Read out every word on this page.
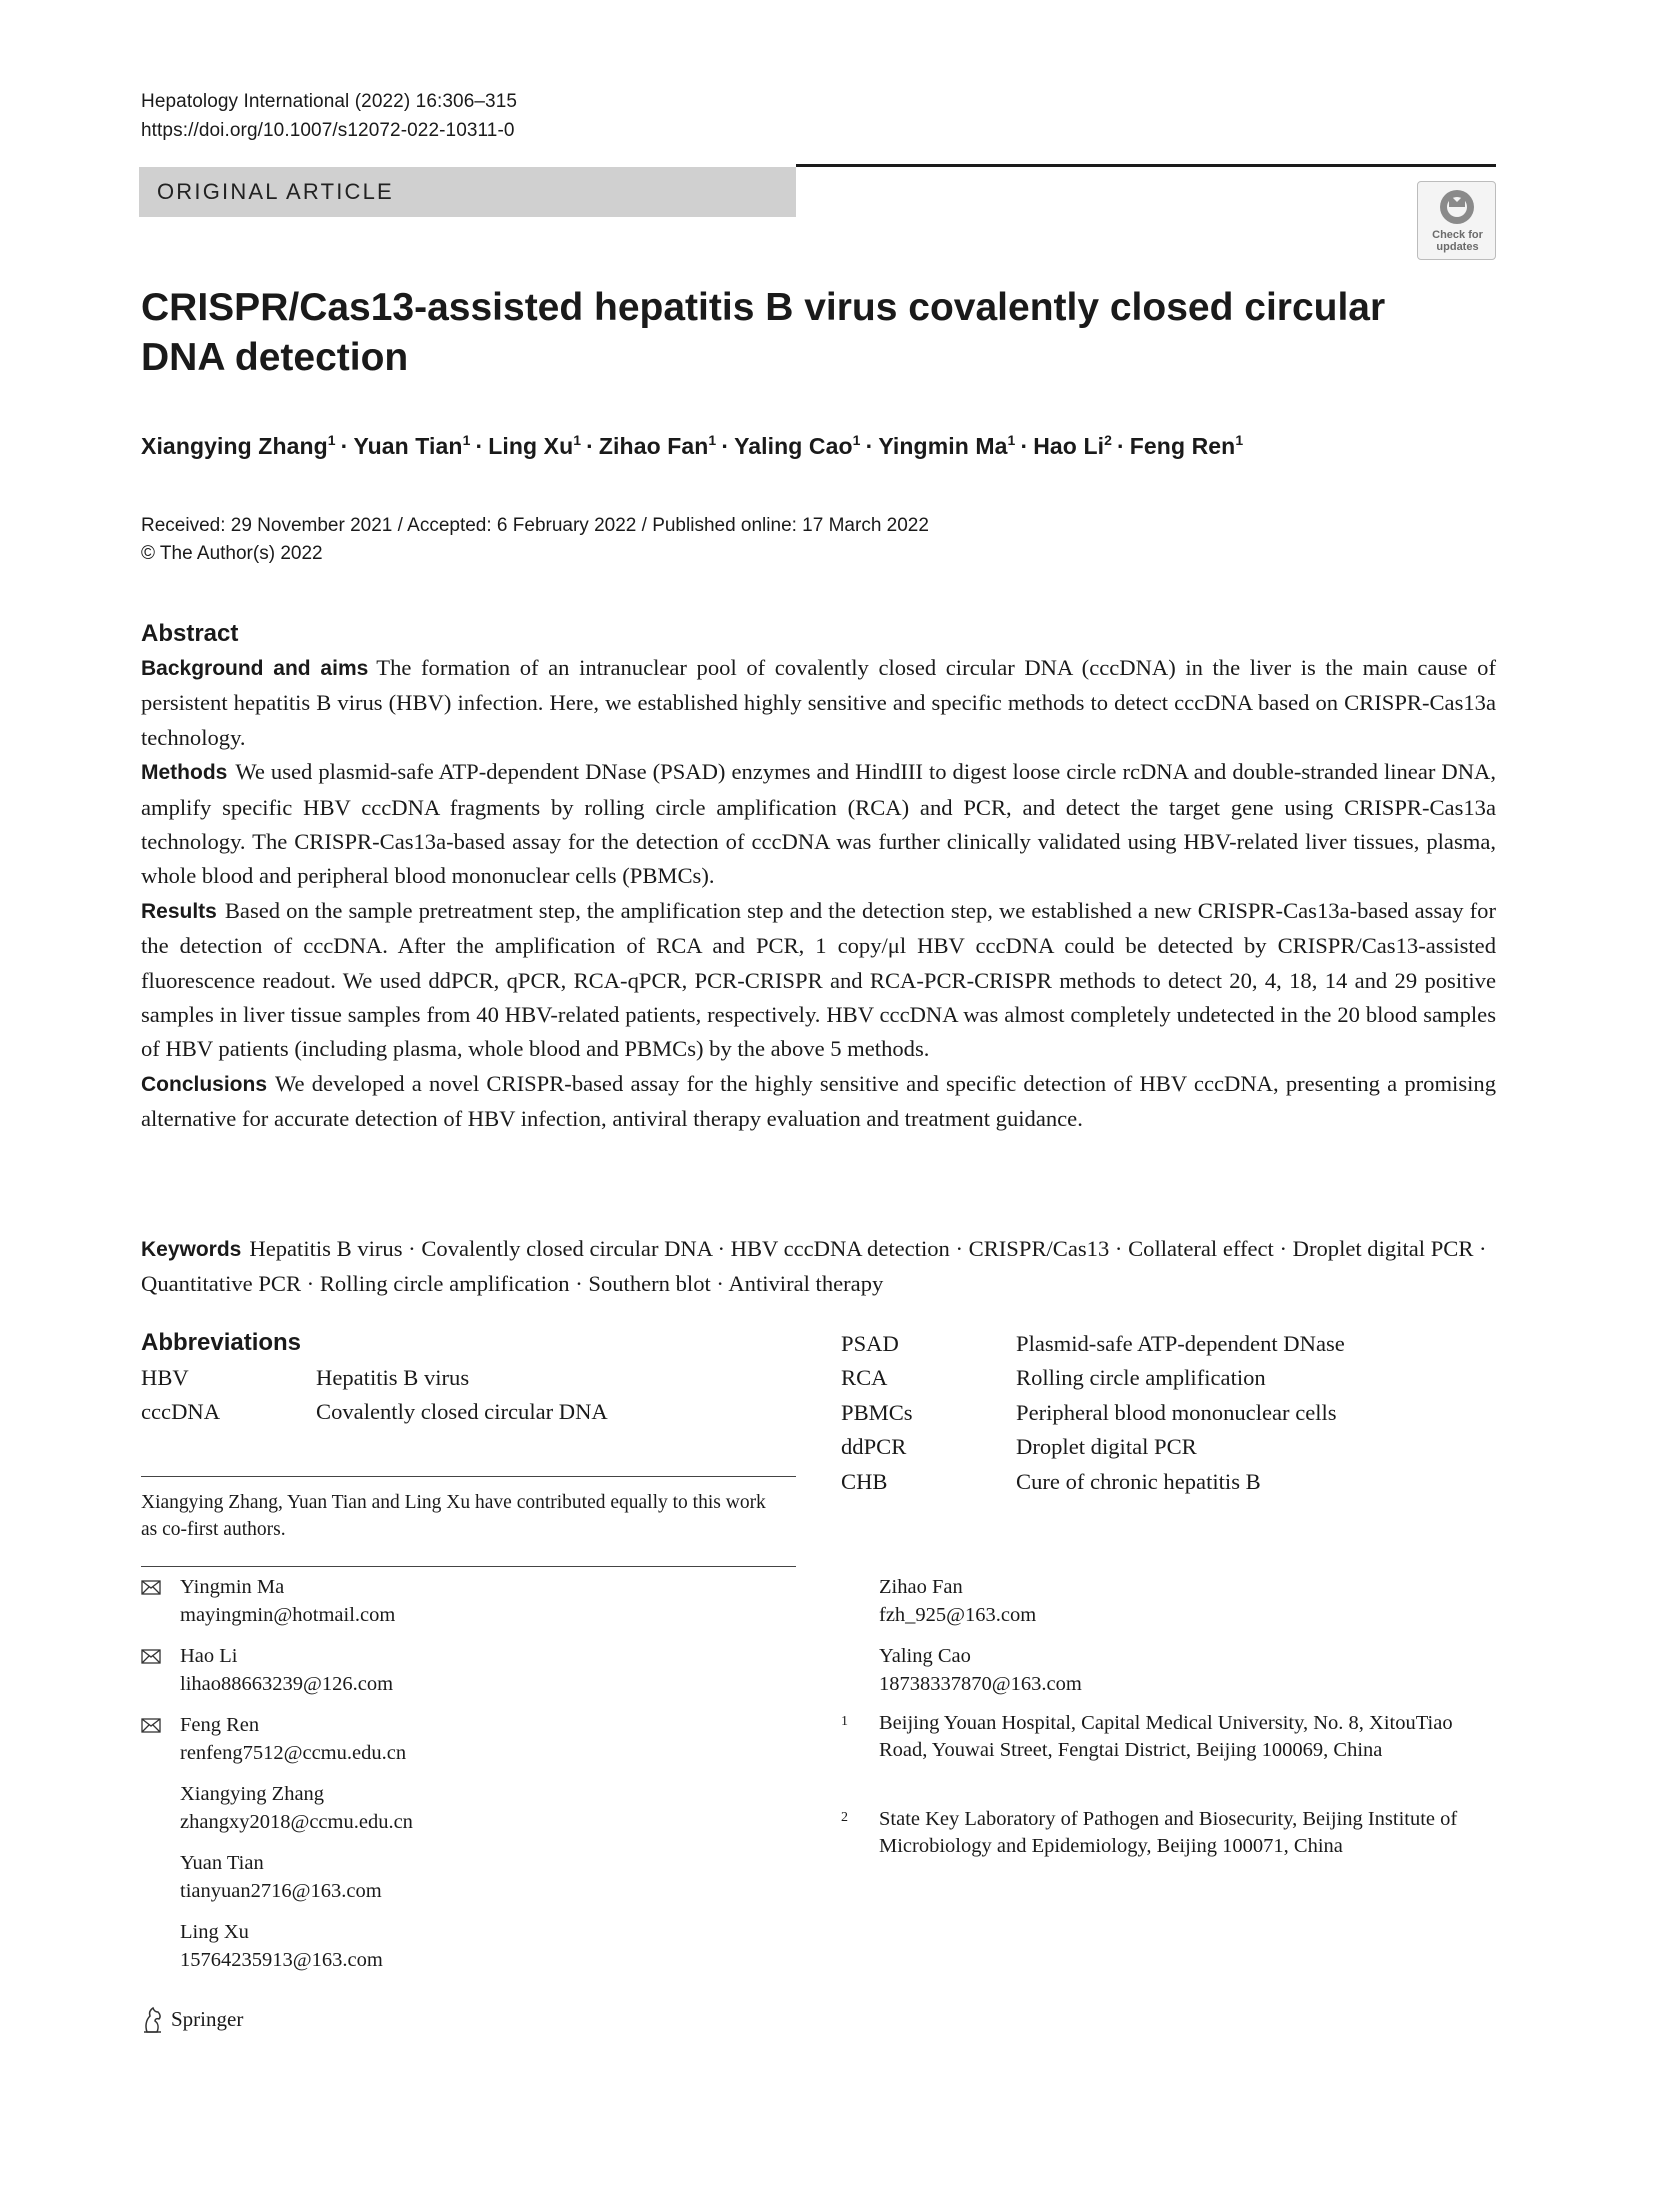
Hepatology International (2022) 16:306–315
https://doi.org/10.1007/s12072-022-10311-0
ORIGINAL ARTICLE
Check for
updates
CRISPR/Cas13-assisted hepatitis B virus covalently closed circular DNA detection
Xiangying Zhang$^1$ · Yuan Tian$^1$ · Ling $Xu^1$ · Zihao Fan$^1$ · Yaling Cao$^1$ · Yingmin $Ma^1$ · Hao $Li^2$ · Feng Ren$^1$
Received: 29 November 2021 / Accepted: 6 February 2022 / Published online: 17 March 2022
© The Author(s) 2022
Abstract

Background and aims The formation of an intranuclear pool of covalently closed circular DNA (cccDNA) in the liver is the main cause of persistent hepatitis B virus (HBV) infection. Here, we established highly sensitive and specific methods to detect cccDNA based on CRISPR-Cas13a technology.

Methods We used plasmid-safe ATP-dependent DNase (PSAD) enzymes and HindIII to digest loose circle rcDNA and double-stranded linear DNA, amplify specific HBV cccDNA fragments by rolling circle amplification (RCA) and PCR, and detect the target gene using CRISPR-Cas13a technology. The CRISPR-Cas13a-based assay for the detection of cccDNA was further clinically validated using HBV-related liver tissues, plasma, whole blood and peripheral blood mononuclear cells (PBMCs).

Results Based on the sample pretreatment step, the amplification step and the detection step, we established a new CRISPR-Cas13a-based assay for the detection of cccDNA. After the amplification of RCA and PCR, 1 copy/μl HBV cccDNA could be detected by CRISPR/Cas13-assisted fluorescence readout. We used ddPCR, qPCR, RCA-qPCR, PCR-CRISPR and RCA-PCR-CRISPR methods to detect 20, 4, 18, 14 and 29 positive samples in liver tissue samples from 40 HBV-related patients, respectively. HBV cccDNA was almost completely undetected in the 20 blood samples of HBV patients (including plasma, whole blood and PBMCs) by the above 5 methods.

Conclusions We developed a novel CRISPR-based assay for the highly sensitive and specific detection of HBV cccDNA, presenting a promising alternative for accurate detection of HBV infection, antiviral therapy evaluation and treatment guidance.

Keywords Hepatitis B virus · Covalently closed circular DNA · HBV cccDNA detection · CRISPR/Cas13 · Collateral effect · Droplet digital PCR · Quantitative PCR · Rolling circle amplification · Southern blot · Antiviral therapy
Abbreviations
HBV	Hepatitis B virus
cccDNA	Covalently closed circular DNA
PSAD	Plasmid-safe ATP-dependent DNase
RCA	Rolling circle amplification
PBMCs	Peripheral blood mononuclear cells
ddPCR	Droplet digital PCR
CHB	Cure of chronic hepatitis B
Xiangying Zhang, Yuan Tian and Ling Xu have contributed equally to this work as co-first authors.
Yingmin Ma
mayingmin@hotmail.com
Hao Li
lihao88663239@126.com
Feng Ren
renfeng7512@ccmu.edu.cn
Xiangying Zhang
zhangxy2018@ccmu.edu.cn
Yuan Tian
tianyuan2716@163.com
Ling Xu
15764235913@163.com
Zihao Fan
fzh_925@163.com
Yaling Cao
18738337870@163.com
1 Beijing Youan Hospital, Capital Medical University, No. 8, XitouTiao Road, Youwai Street, Fengtai District, Beijing 100069, China
2 State Key Laboratory of Pathogen and Biosecurity, Beijing Institute of Microbiology and Epidemiology, Beijing 100071, China
Springer
